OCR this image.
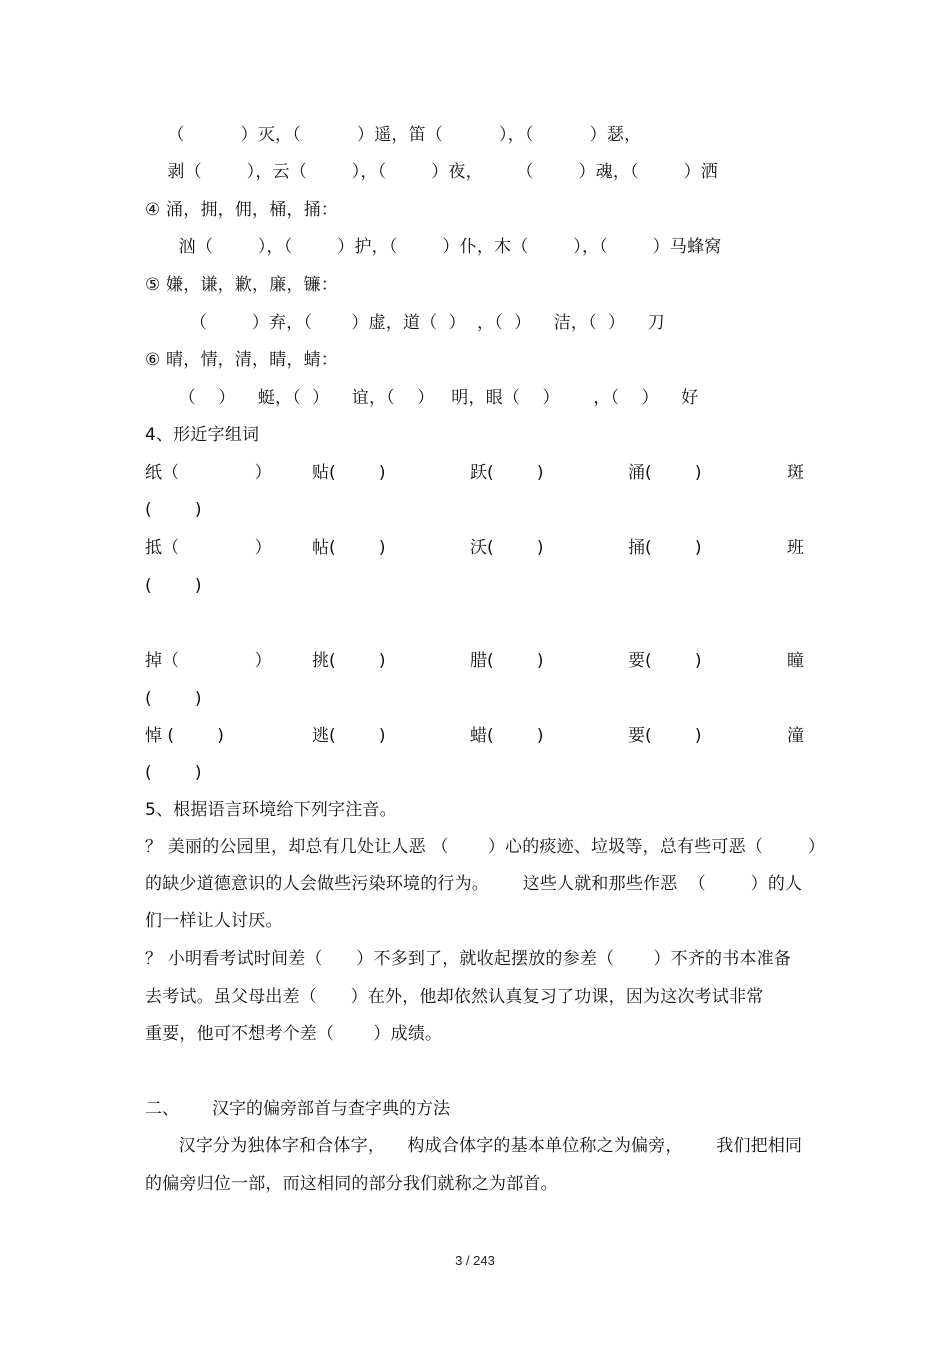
（          ）灭，（          ）遥，笛（          ），（          ）瑟，
剥（        ），云（        ），（        ）夜，      （        ）魂，（        ）洒
④ 涌，拥，佣，桶，捅：
汹（        ），（        ）护，（        ）仆，木（        ），（        ）马蜂窝
⑤ 嫌，谦，歉，廉，镰：
（        ）弃，（       ）虚，道（  ）  ，（  ）    洁，（  ）    刀
⑥ 晴，情，清，睛，蜻：
（    ）    蜓，（  ）    谊，（    ）   明，眼（    ）      ，（    ）    好
4、形近字组词
纸（              ） 贴(        )	跃(        )	涌(        )	斑
(        )
抵（              ） 帖(        )	沃(        )	捅(        )	班
(        )
掉（              ） 挑(        )	腊(        )	要(        )	瞳
(        )
悼 (        )	逃(        )	蜡(        )	要(        )	潼
(        )
5、根据语言环境给下列字注音。
？ 美丽的公园里，却总有几处让人恶 （       ）心的痰迹、垃圾等，总有些可恶（        ）
的缺少道德意识的人会做些污染环境的行为。      这些人就和那些作恶  （        ）的人
们一样让人讨厌。
？ 小明看考试时间差（      ）不多到了，就收起摆放的参差（       ）不齐的书本准备
去考试。虽父母出差（      ）在外，他却依然认真复习了功课，因为这次考试非常
重要，他可不想考个差（       ）成绩。
二、 汉字的偏旁部首与查字典的方法
汉字分为独体字和合体字，    构成合体字的基本单位称之为偏旁，      我们把相同
的偏旁归位一部，而这相同的部分我们就称之为部首。
3 / 243
